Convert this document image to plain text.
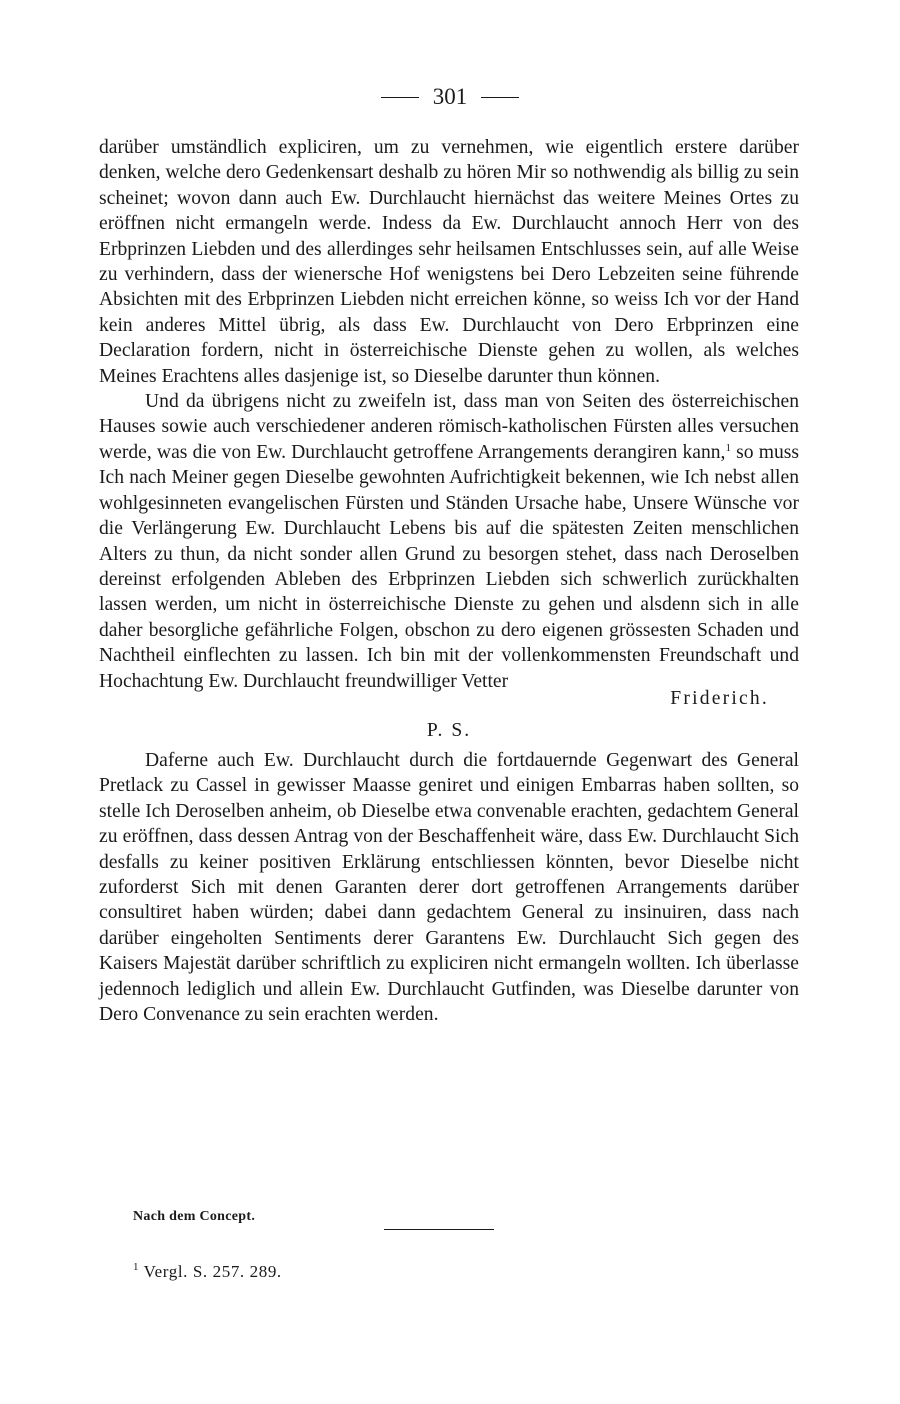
301

darüber umständlich expliciren, um zu vernehmen, wie eigentlich erstere darüber denken, welche dero Gedenkensart deshalb zu hören Mir so nothwendig als billig zu sein scheinet; wovon dann auch Ew. Durchlaucht hiernächst das weitere Meines Ortes zu eröffnen nicht ermangeln werde. Indess da Ew. Durchlaucht annoch Herr von des Erbprinzen Liebden und des allerdinges sehr heilsamen Entschlusses sein, auf alle Weise zu verhindern, dass der wienersche Hof wenigstens bei Dero Lebzeiten seine führende Absichten mit des Erbprinzen Liebden nicht erreichen könne, so weiss Ich vor der Hand kein anderes Mittel übrig, als dass Ew. Durchlaucht von Dero Erbprinzen eine Declaration fordern, nicht in österreichische Dienste gehen zu wollen, als welches Meines Erachtens alles dasjenige ist, so Dieselbe darunter thun können.

Und da übrigens nicht zu zweifeln ist, dass man von Seiten des österreichischen Hauses sowie auch verschiedener anderen römisch-katholischen Fürsten alles versuchen werde, was die von Ew. Durchlaucht getroffene Arrangements derangiren kann,$^1$ so muss Ich nach Meiner gegen Dieselbe gewohnten Aufrichtigkeit bekennen, wie Ich nebst allen wohlgesinneten evangelischen Fürsten und Ständen Ursache habe, Unsere Wünsche vor die Verlängerung Ew. Durchlaucht Lebens bis auf die spätesten Zeiten menschlichen Alters zu thun, da nicht sonder allen Grund zu besorgen stehet, dass nach Deroselben dereinst erfolgenden Ableben des Erbprinzen Liebden sich schwerlich zurückhalten lassen werden, um nicht in österreichische Dienste zu gehen und alsdenn sich in alle daher besorgliche gefährliche Folgen, obschon zu dero eigenen grössesten Schaden und Nachtheil einflechten zu lassen. Ich bin mit der vollenkommensten Freundschaft und Hochachtung Ew. Durchlaucht freundwilliger Vetter

Friderich.

P. S.

Daferne auch Ew. Durchlaucht durch die fortdauernde Gegenwart des General Pretlack zu Cassel in gewisser Maasse geniret und einigen Embarras haben sollten, so stelle Ich Deroselben anheim, ob Dieselbe etwa convenable erachten, gedachtem General zu eröffnen, dass dessen Antrag von der Beschaffenheit wäre, dass Ew. Durchlaucht Sich desfalls zu keiner positiven Erklärung entschliessen könnten, bevor Dieselbe nicht zuforderst Sich mit denen Garanten derer dort getroffenen Arrangements darüber consultiret haben würden; dabei dann gedachtem General zu insinuiren, dass nach darüber eingeholten Sentiments derer Garantens Ew. Durchlaucht Sich gegen des Kaisers Majestät darüber schriftlich zu expliciren nicht ermangeln wollten. Ich überlasse jedennoch lediglich und allein Ew. Durchlaucht Gutfinden, was Dieselbe darunter von Dero Convenance zu sein erachten werden.

Nach dem Concept.
$^1$ Vergl. S. 257. 289.
